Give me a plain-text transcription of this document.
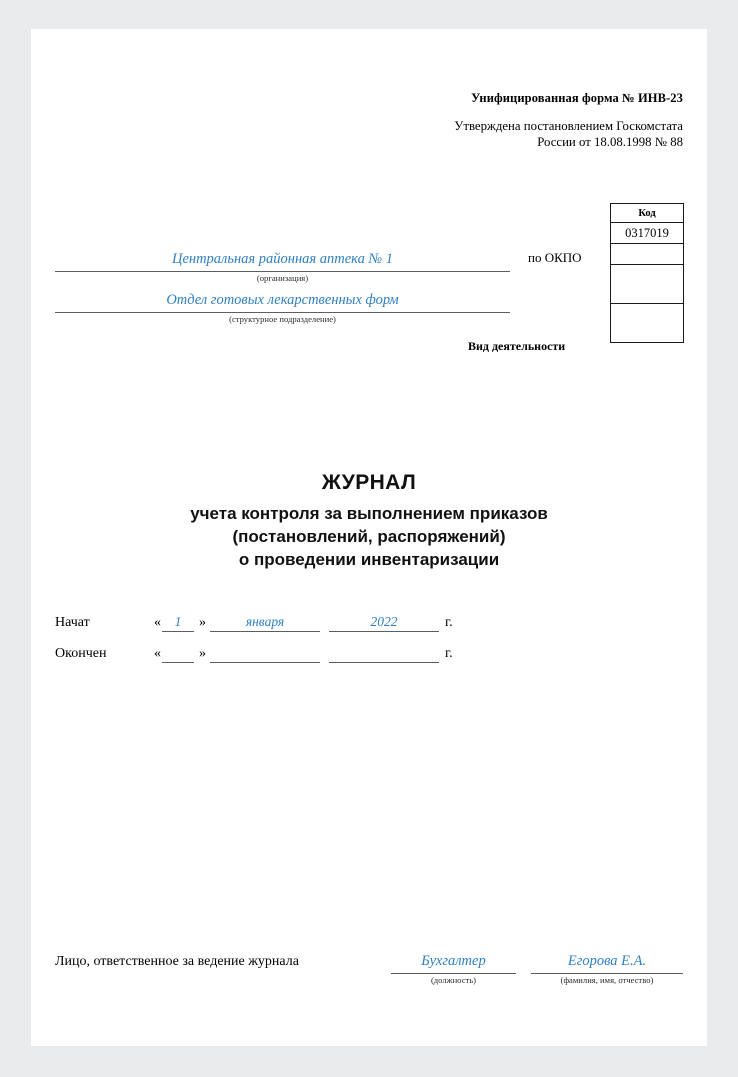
Унифицированная форма № ИНВ-23
Утверждена постановлением Госкомстата
России от 18.08.1998 № 88
Код
0317019

по ОКПО
Вид деятельности
Центральная районная аптека № 1
(организация)
Отдел готовых лекарственных форм
(структурное подразделение)
ЖУРНАЛ
учета контроля за выполнением приказов
(постановлений, распоряжений)
о проведении инвентаризации
Начат	«	1	»	января	2022	г.
Окончен	«	»	г.
Лицо, ответственное за ведение журнала	Бухгалтер
(должность)
Егорова Е.А.
(фамилия, имя, отчество)
